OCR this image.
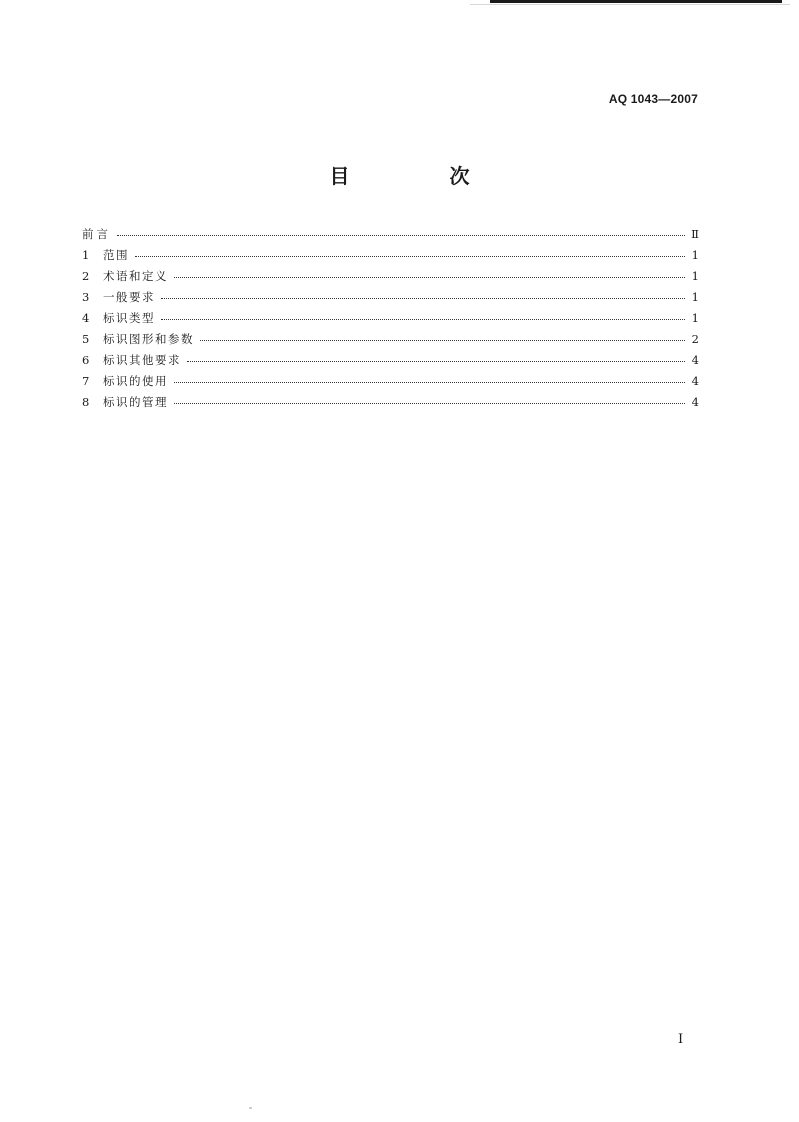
AQ 1043—2007
目　次
前言	Ⅱ
1	范围	1
2	术语和定义	1
3	一般要求	1
4	标识类型	1
5	标识图形和参数	2
6	标识其他要求	4
7	标识的使用	4
8	标识的管理	4
I
